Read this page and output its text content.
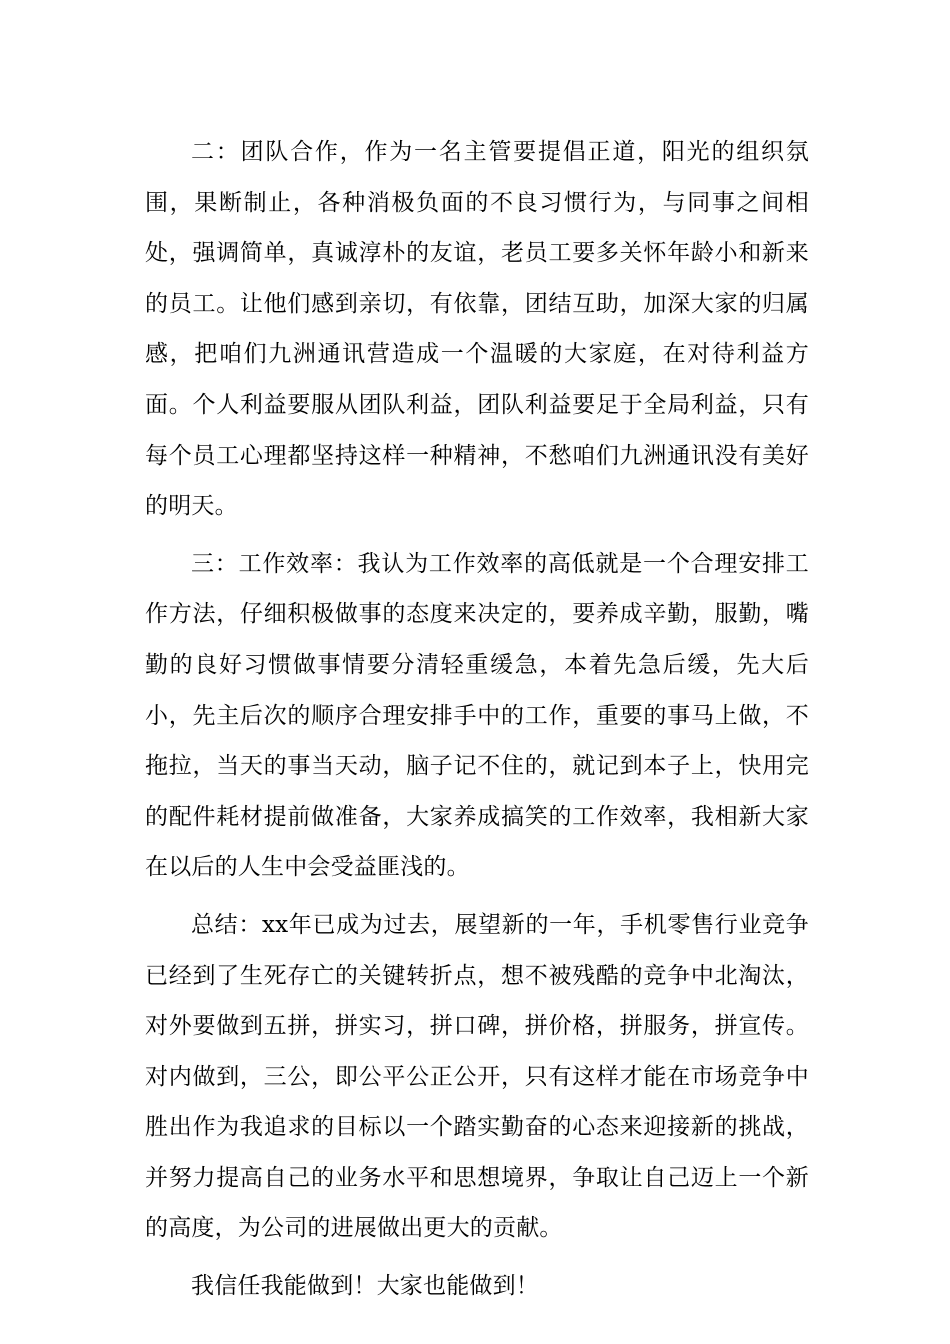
二：团队合作，作为一名主管要提倡正道，阳光的组织氛围，果断制止，各种消极负面的不良习惯行为，与同事之间相处，强调简单，真诚淳朴的友谊，老员工要多关怀年龄小和新来的员工。让他们感到亲切，有依靠，团结互助，加深大家的归属感，把咱们九洲通讯营造成一个温暖的大家庭，在对待利益方面。个人利益要服从团队利益，团队利益要足于全局利益，只有每个员工心理都坚持这样一种精神，不愁咱们九洲通讯没有美好的明天。

三：工作效率：我认为工作效率的高低就是一个合理安排工作方法，仔细积极做事的态度来决定的，要养成辛勤，服勤，嘴勤的良好习惯做事情要分清轻重缓急，本着先急后缓，先大后小，先主后次的顺序合理安排手中的工作，重要的事马上做，不拖拉，当天的事当天动，脑子记不住的，就记到本子上，快用完的配件耗材提前做准备，大家养成搞笑的工作效率，我相新大家在以后的人生中会受益匪浅的。

总结：xx年已成为过去，展望新的一年，手机零售行业竞争已经到了生死存亡的关键转折点，想不被残酷的竞争中北淘汰，对外要做到五拼，拼实习，拼口碑，拼价格，拼服务，拼宣传。对内做到，三公，即公平公正公开，只有这样才能在市场竞争中胜出作为我追求的目标以一个踏实勤奋的心态来迎接新的挑战，并努力提高自己的业务水平和思想境界，争取让自己迈上一个新的高度，为公司的进展做出更大的贡献。

我信任我能做到！大家也能做到！
